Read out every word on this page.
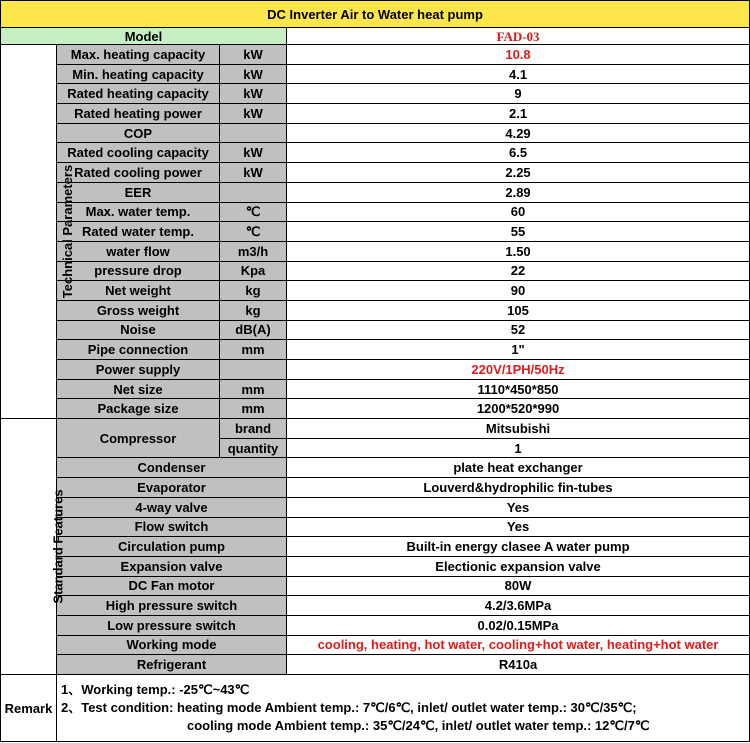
DC Inverter Air to Water heat pump			
Model			FAD-03
Technical Parameters	Max. heating capacity	kW	10.8
	Min. heating capacity	kW	4.1
	Rated heating capacity	kW	9
	Rated heating power	kW	2.1
	COP		4.29
	Rated cooling capacity	kW	6.5
	Rated cooling power	kW	2.25
	EER		2.89
	Max. water temp.	℃	60
	Rated water temp.	℃	55
	water flow	m3/h	1.50
	pressure drop	Kpa	22
	Net weight	kg	90
	Gross weight	kg	105
	Noise	dB(A)	52
	Pipe connection	mm	1"
	Power supply		220V/1PH/50Hz
	Net size	mm	1110*450*850
	Package size	mm	1200*520*990
Standard Features	Compressor	brand	Mitsubishi
		quantity	1
	Condenser		plate heat exchanger
	Evaporator		Louverd&hydrophilic fin-tubes
	4-way valve		Yes
	Flow switch		Yes
	Circulation pump		Built-in energy clasee A water pump
	Expansion valve		Electionic expansion valve
	DC Fan motor		80W
	High pressure switch		4.2/3.6MPa
	Low pressure switch		0.02/0.15MPa
	Working mode		cooling, heating, hot water, cooling+hot water, heating+hot water
	Refrigerant		R410a
Remark	1、Working temp.: -25℃~43℃
2、Test condition: heating mode Ambient temp.: 7℃/6℃, inlet/ outlet water temp.: 30℃/35℃;
cooling mode Ambient temp.: 35℃/24℃, inlet/ outlet water temp.: 12℃/7℃		
